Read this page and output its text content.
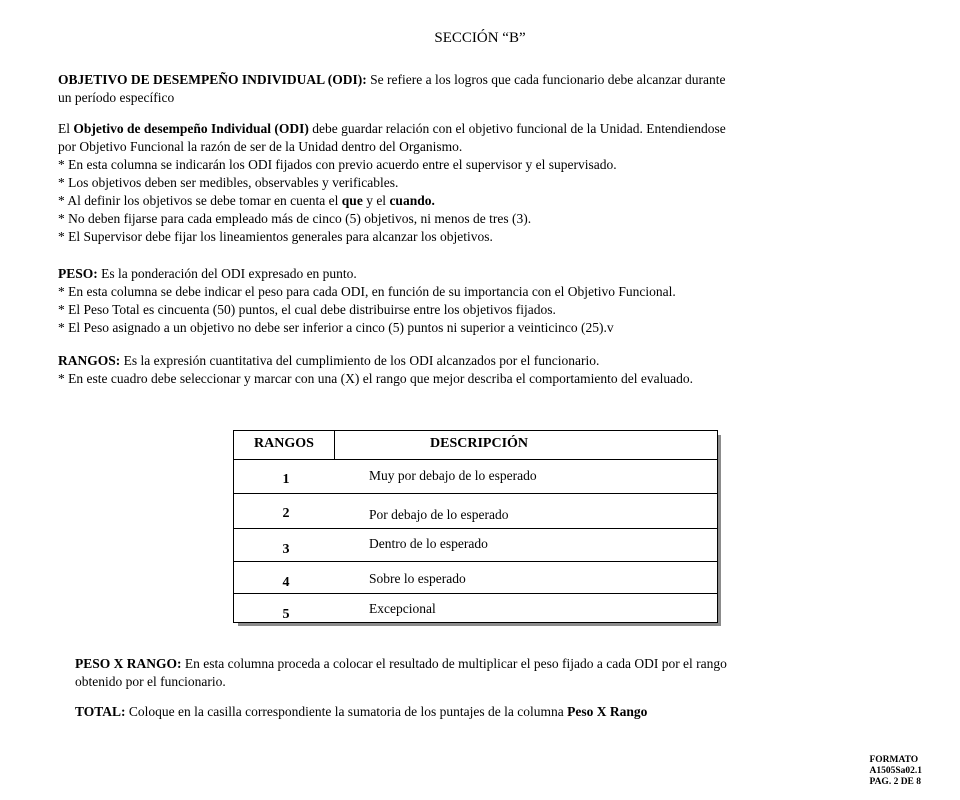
SECCIÓN “B”
OBJETIVO DE DESEMPEÑO INDIVIDUAL (ODI): Se refiere a los logros que cada funcionario debe alcanzar durante
un período específico
El Objetivo de desempeño Individual (ODI) debe guardar relación con el objetivo funcional de la Unidad. Entendiendose
por Objetivo Funcional la razón de ser de la Unidad dentro del Organismo.
* En esta columna se indicarán los ODI fijados con previo acuerdo entre el supervisor y el supervisado.
* Los objetivos deben ser medibles, observables y verificables.
* Al definir los objetivos se debe tomar en cuenta el que y el cuando.
* No deben fijarse para cada empleado más de cinco (5) objetivos, ni menos de tres (3).
* El Supervisor debe fijar los lineamientos generales para alcanzar los objetivos.
PESO: Es la ponderación del ODI expresado en punto.
* En esta columna se debe indicar el peso para cada ODI, en función de su importancia con el Objetivo Funcional.
* El Peso Total es cincuenta (50) puntos, el cual debe distribuirse entre los objetivos fijados.
* El Peso asignado a un objetivo no debe ser inferior a cinco (5) puntos ni superior a veinticinco (25).v
RANGOS: Es la expresión cuantitativa del cumplimiento de los ODI alcanzados por el funcionario.
* En este cuadro debe seleccionar y marcar con una (X) el rango que mejor describa el comportamiento del evaluado.
RANGOS	DESCRIPCIÓN
1	Muy por debajo de lo esperado
2	Por debajo de lo esperado
3	Dentro de lo esperado
4	Sobre lo esperado
5	Excepcional
PESO X RANGO: En esta columna proceda a colocar el resultado de multiplicar el peso fijado a cada ODI por el rango
obtenido por el funcionario.
TOTAL: Coloque en la casilla correspondiente la sumatoria de los puntajes de la columna Peso X Rango
FORMATO
A1505Sa02.1
PAG. 2 DE 8
